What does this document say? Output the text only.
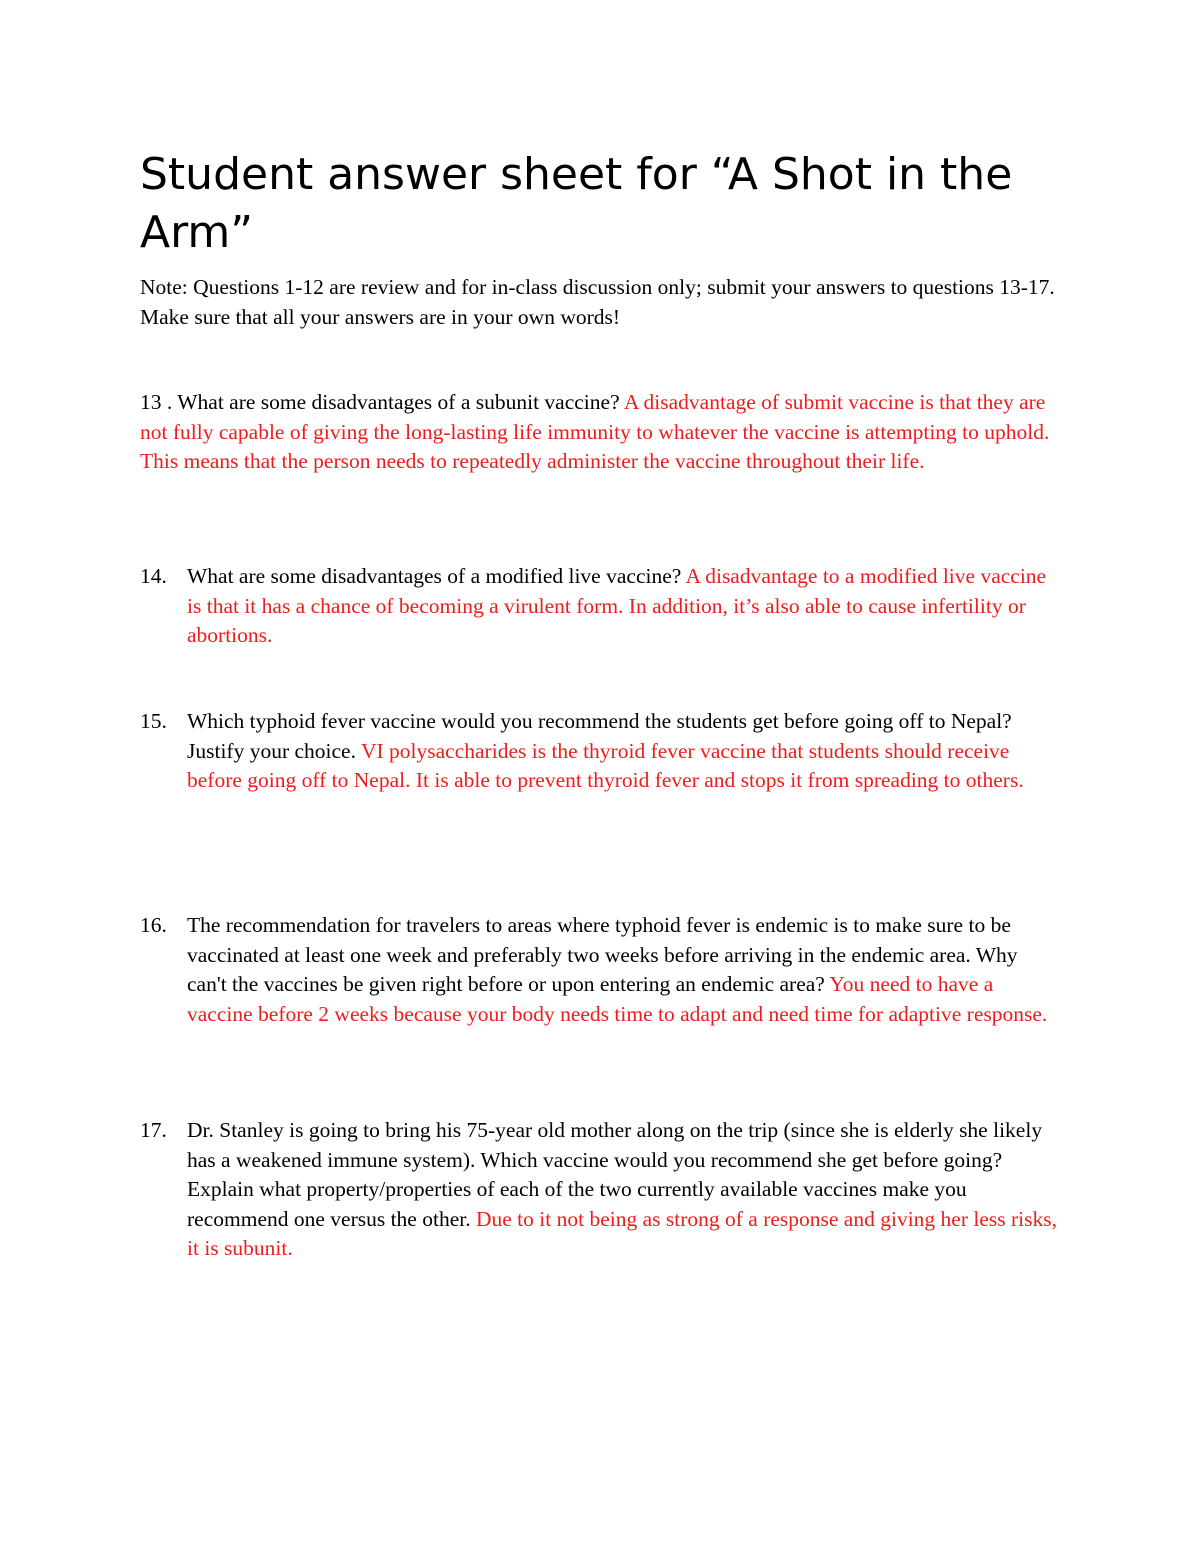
Student answer sheet for “A Shot in the Arm”

Note: Questions 1-12 are review and for in-class discussion only; submit your answers to questions 13-17. Make sure that all your answers are in your own words!

13 . What are some disadvantages of a subunit vaccine? A disadvantage of submit vaccine is that they are not fully capable of giving the long-lasting life immunity to whatever the vaccine is attempting to uphold. This means that the person needs to repeatedly administer the vaccine throughout their life.

14. What are some disadvantages of a modified live vaccine? A disadvantage to a modified live vaccine is that it has a chance of becoming a virulent form. In addition, it’s also able to cause infertility or abortions.

15. Which typhoid fever vaccine would you recommend the students get before going off to Nepal? Justify your choice. VI polysaccharides is the thyroid fever vaccine that students should receive before going off to Nepal. It is able to prevent thyroid fever and stops it from spreading to others.

16. The recommendation for travelers to areas where typhoid fever is endemic is to make sure to be vaccinated at least one week and preferably two weeks before arriving in the endemic area. Why can't the vaccines be given right before or upon entering an endemic area? You need to have a vaccine before 2 weeks because your body needs time to adapt and need time for adaptive response.

17. Dr. Stanley is going to bring his 75-year old mother along on the trip (since she is elderly she likely has a weakened immune system). Which vaccine would you recommend she get before going? Explain what property/properties of each of the two currently available vaccines make you recommend one versus the other. Due to it not being as strong of a response and giving her less risks, it is subunit.
